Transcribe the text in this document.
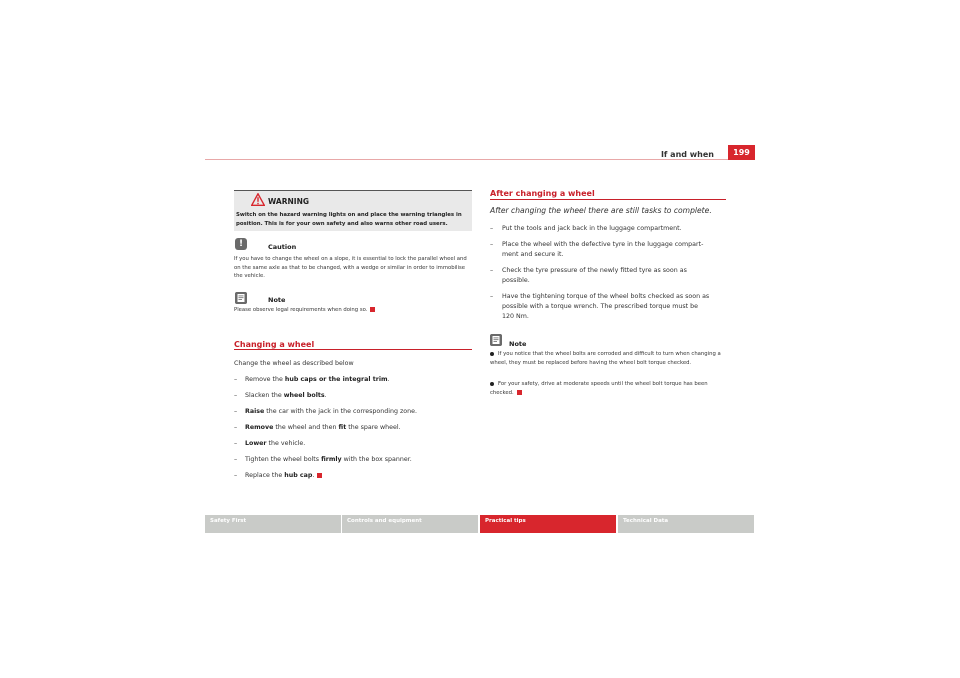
If and when	199
WARNING
Switch on the hazard warning lights on and place the warning triangles in position. This is for your own safety and also warns other road users.
!	Caution
If you have to change the wheel on a slope, it is essential to lock the parallel wheel and on the same axle as that to be changed, with a wedge or similar in order to immobilise the vehicle.
Note
Please observe legal requirements when doing so.
Changing a wheel
Change the wheel as described below
– Remove the hub caps or the integral trim.
– Slacken the wheel bolts.
– Raise the car with the jack in the corresponding zone.
– Remove the wheel and then fit the spare wheel.
– Lower the vehicle.
– Tighten the wheel bolts firmly with the box spanner.
– Replace the hub cap.
After changing a wheel
After changing the wheel there are still tasks to complete.
– Put the tools and jack back in the luggage compartment.
– Place the wheel with the defective tyre in the luggage compart-
ment and secure it.
– Check the tyre pressure of the newly fitted tyre as soon as
possible.
– Have the tightening torque of the wheel bolts checked as soon as
possible with a torque wrench. The prescribed torque must be
120 Nm.
Note
If you notice that the wheel bolts are corroded and difficult to turn when changing a wheel, they must be replaced before having the wheel bolt torque checked.
For your safety, drive at moderate speeds until the wheel bolt torque has been checked.
Safety First	Controls and equipment	Practical tips	Technical Data
